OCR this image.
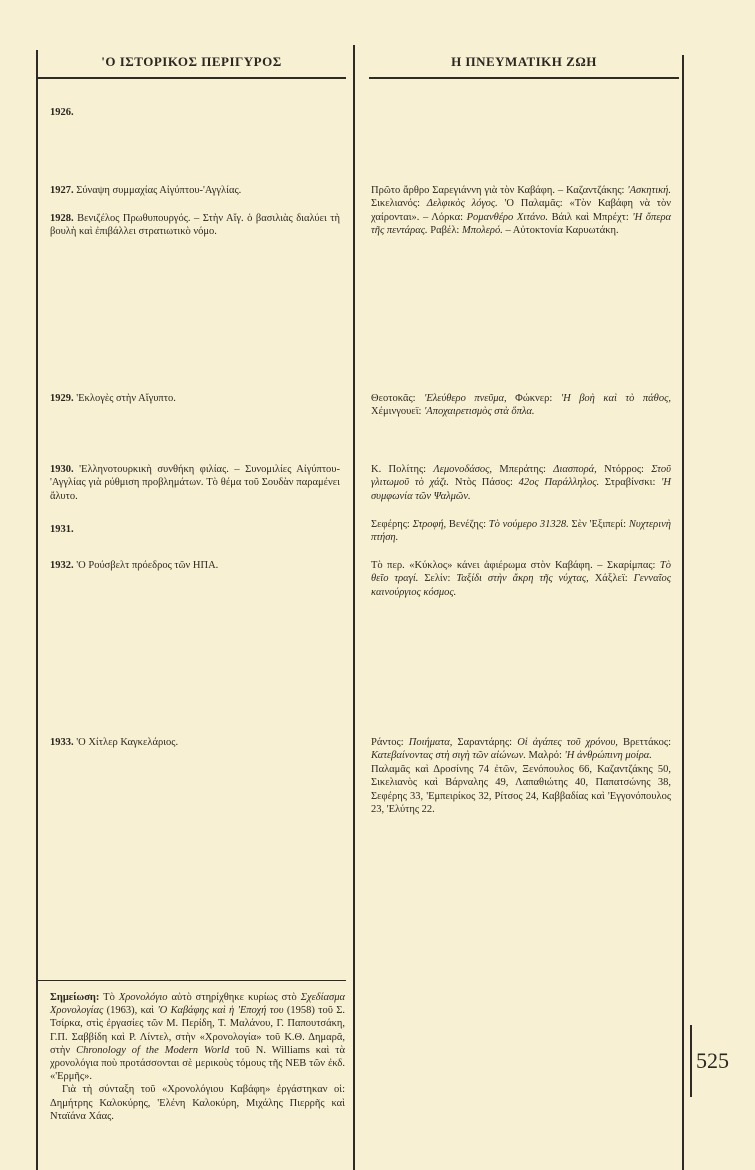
'Ο ΙΣΤΟΡΙΚΟΣ ΠΕΡΙΓΥΡΟΣ	Η ΠΝΕΥΜΑΤΙΚΗ ΖΩΗ
1926.
1927. Σύναψη συμμαχίας Αἰγύπτου-'Αγγλίας.
1928. Βενιζέλος Πρωθυπουργός. – Στὴν Αἴγ. ὁ βασιλιὰς διαλύει τὴ βουλὴ καὶ ἐπιβάλλει στρατιωτικὸ νόμο.
1929. 'Εκλογὲς στὴν Αἴγυπτο.
1930. 'Ελληνοτουρκικὴ συνθήκη φιλίας. – Συνομιλίες Αἰγύπτου-'Αγγλίας γιὰ ρύθμιση προβλημάτων. Τὸ θέμα τοῦ Σουδὰν παραμένει ἄλυτο.
1931.
1932. 'Ο Ρούσβελτ πρόεδρος τῶν ΗΠΑ.
1933. 'Ο Χίτλερ Καγκελάριος.
Πρῶτο ἄρθρο Σαρεγιάννη γιὰ τὸν Καβάφη. – Καζαντζάκης: 'Ασκητική. Σικελιανός: Δελφικὸς λόγος. 'Ο Παλαμᾶς: «Τὸν Καβάφη νὰ τὸν χαίρονται». – Λόρκα: Ρομανθέρο Χιτάνο. Βάιλ καὶ Μπρέχτ: 'Η ὄπερα τῆς πεντάρας. Ραβέλ: Μπολερό. – Αὐτοκτονία Καρυωτάκη.
Θεοτοκᾶς: 'Ελεύθερο πνεῦμα, Φώκνερ: 'Η βοὴ καὶ τὸ πάθος, Χέμινγουεϊ: 'Αποχαιρετισμὸς στὰ ὅπλα.
Κ. Πολίτης: Λεμονοδάσος, Μπεράτης: Διασπορά, Ντόρρος: Στοῦ γλιτωμοῦ τὸ χάζι. Ντὸς Πάσος: 42ος Παράλληλος. Στραβίνσκι: 'Η συμφωνία τῶν Ψαλμῶν.
Σεφέρης: Στροφή, Βενέζης: Τὸ νούμερο 31328. Σὲν 'Εξιπερί: Νυχτερινὴ πτήση.
Τὸ περ. «Κύκλος» κάνει ἀφιέρωμα στὸν Καβάφη. – Σκαρίμπας: Τὸ θεῖο τραγί. Σελίν: Ταξίδι στὴν ἄκρη τῆς νύχτας, Χάξλεϊ: Γενναῖος καινούργιος κόσμος.
Ράντος: Ποιήματα, Σαραντάρης: Οἱ ἀγάπες τοῦ χρόνου, Βρεττάκος: Κατεβαίνοντας στὴ σιγὴ τῶν αἰώνων. Μαλρό: 'Η ἀνθρώπινη μοίρα.
Παλαμᾶς καὶ Δροσίνης 74 ἐτῶν, Ξενόπουλος 66, Καζαντζάκης 50, Σικελιανὸς καὶ Βάρναλης 49, Λαπαθιώτης 40, Παπατσώνης 38, Σεφέρης 33, 'Εμπειρίκος 32, Ρίτσος 24, Καββαδίας καὶ 'Εγγονόπουλος 23, 'Ελύτης 22.

Σημείωση: Τὸ Χρονολόγιο αὐτὸ στηρίχθηκε κυρίως στὸ Σχεδίασμα Χρονολογίας (1963), καὶ 'Ο Καβάφης καὶ ἡ 'Εποχή του (1958) τοῦ Σ. Τσίρκα, στὶς ἐργασίες τῶν Μ. Περίδη, Τ. Μαλάνου, Γ. Παπουτσάκη, Γ.Π. Σαββίδη καὶ Ρ. Λίντελ, στὴν «Χρονολογία» τοῦ Κ.Θ. Δημαρᾶ, στὴν Chronology of the Modern World τοῦ N. Williams καὶ τὰ χρονολόγια ποὺ προτάσσονται σὲ μερικοὺς τόμους τῆς ΝΕΒ τῶν ἐκδ. «'Ερμῆς».

Γιὰ τὴ σύνταξη τοῦ «Χρονολόγιου Καβάφη» ἐργάστηκαν οἱ: Δημήτρης Καλοκύρης, 'Ελένη Καλοκύρη, Μιχάλης Πιερρῆς καὶ Νταϊάνα Χάας.

525
